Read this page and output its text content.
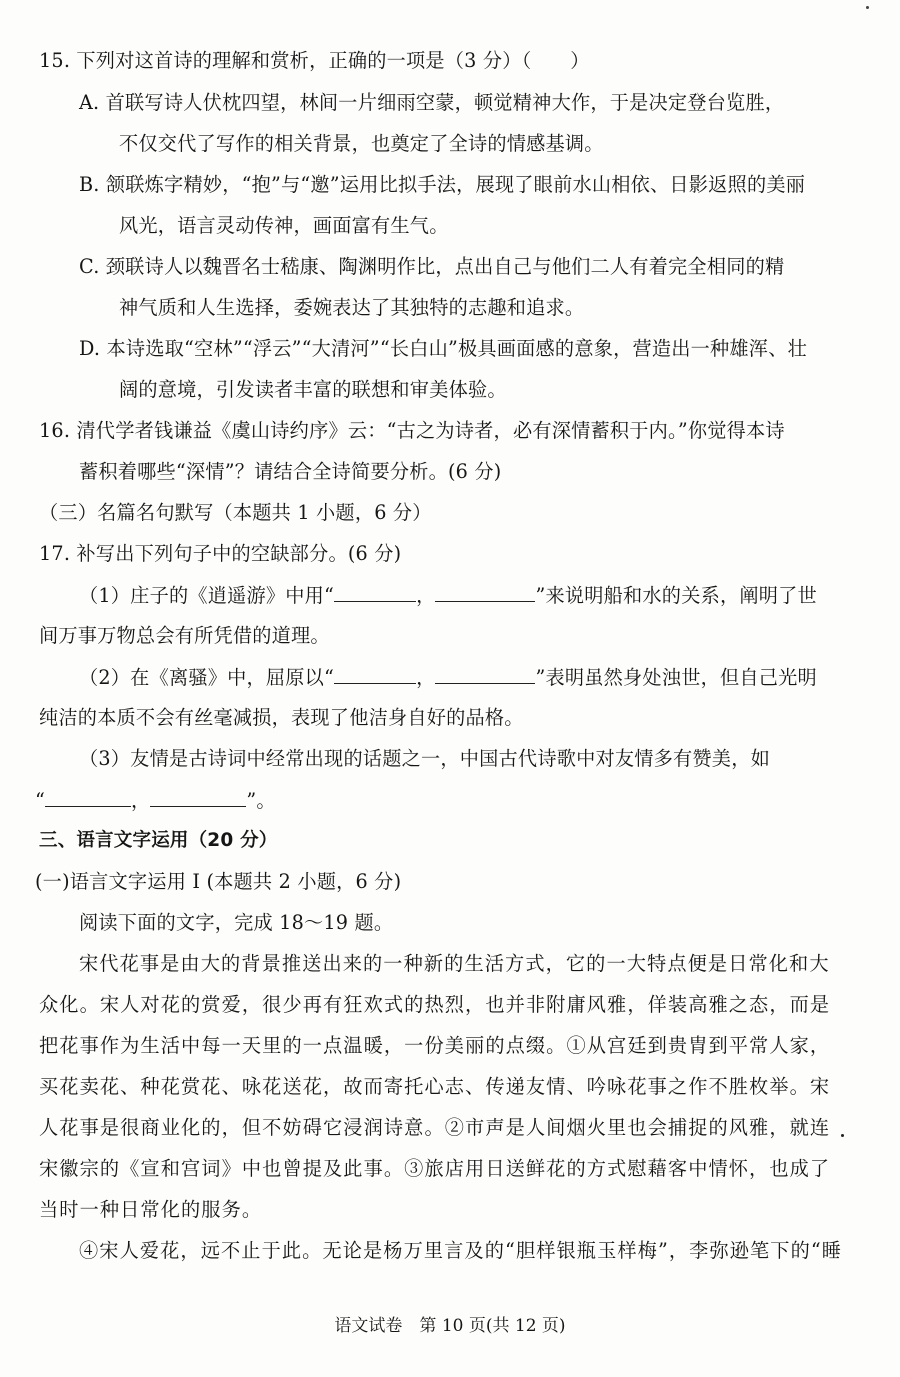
15. 下列对这首诗的理解和赏析，正确的一项是（3 分）（　　）
A. 首联写诗人伏枕四望，林间一片细雨空蒙，顿觉精神大作，于是决定登台览胜，
不仅交代了写作的相关背景，也奠定了全诗的情感基调。
B. 颔联炼字精妙，“抱”与“邀”运用比拟手法，展现了眼前水山相依、日影返照的美丽
风光，语言灵动传神，画面富有生气。
C. 颈联诗人以魏晋名士嵇康、陶渊明作比，点出自己与他们二人有着完全相同的精
神气质和人生选择，委婉表达了其独特的志趣和追求。
D. 本诗选取“空林”“浮云”“大清河”“长白山”极具画面感的意象，营造出一种雄浑、壮
阔的意境，引发读者丰富的联想和审美体验。
16. 清代学者钱谦益《虞山诗约序》云：“古之为诗者，必有深情蓄积于内。”你觉得本诗
蓄积着哪些“深情”？请结合全诗简要分析。(6 分)
（三）名篇名句默写（本题共 1 小题，6 分）
17. 补写出下列句子中的空缺部分。(6 分)
（1）庄子的《逍遥游》中用“	，	”来说明船和水的关系，阐明了世
间万事万物总会有所凭借的道理。
（2）在《离骚》中，屈原以“	，	”表明虽然身处浊世，但自己光明
纯洁的本质不会有丝毫减损，表现了他洁身自好的品格。
（3）友情是古诗词中经常出现的话题之一，中国古代诗歌中对友情多有赞美，如
“	，	”。
三、语言文字运用（20 分）
(一)语言文字运用 Ⅰ (本题共 2 小题，6 分)
阅读下面的文字，完成 18～19 题。
宋代花事是由大的背景推送出来的一种新的生活方式，它的一大特点便是日常化和大
众化。宋人对花的赏爱，很少再有狂欢式的热烈，也并非附庸风雅，佯装高雅之态，而是
把花事作为生活中每一天里的一点温暖，一份美丽的点缀。①从宫廷到贵胄到平常人家，
买花卖花、种花赏花、咏花送花，故而寄托心志、传递友情、吟咏花事之作不胜枚举。宋
人花事是很商业化的，但不妨碍它浸润诗意。②市声是人间烟火里也会捕捉的风雅，就连
宋徽宗的《宣和宫词》中也曾提及此事。③旅店用日送鲜花的方式慰藉客中情怀，也成了
当时一种日常化的服务。
④宋人爱花，远不止于此。无论是杨万里言及的“胆样银瓶玉样梅”，李弥逊笔下的“睡
语文试卷　第 10 页(共 12 页)
